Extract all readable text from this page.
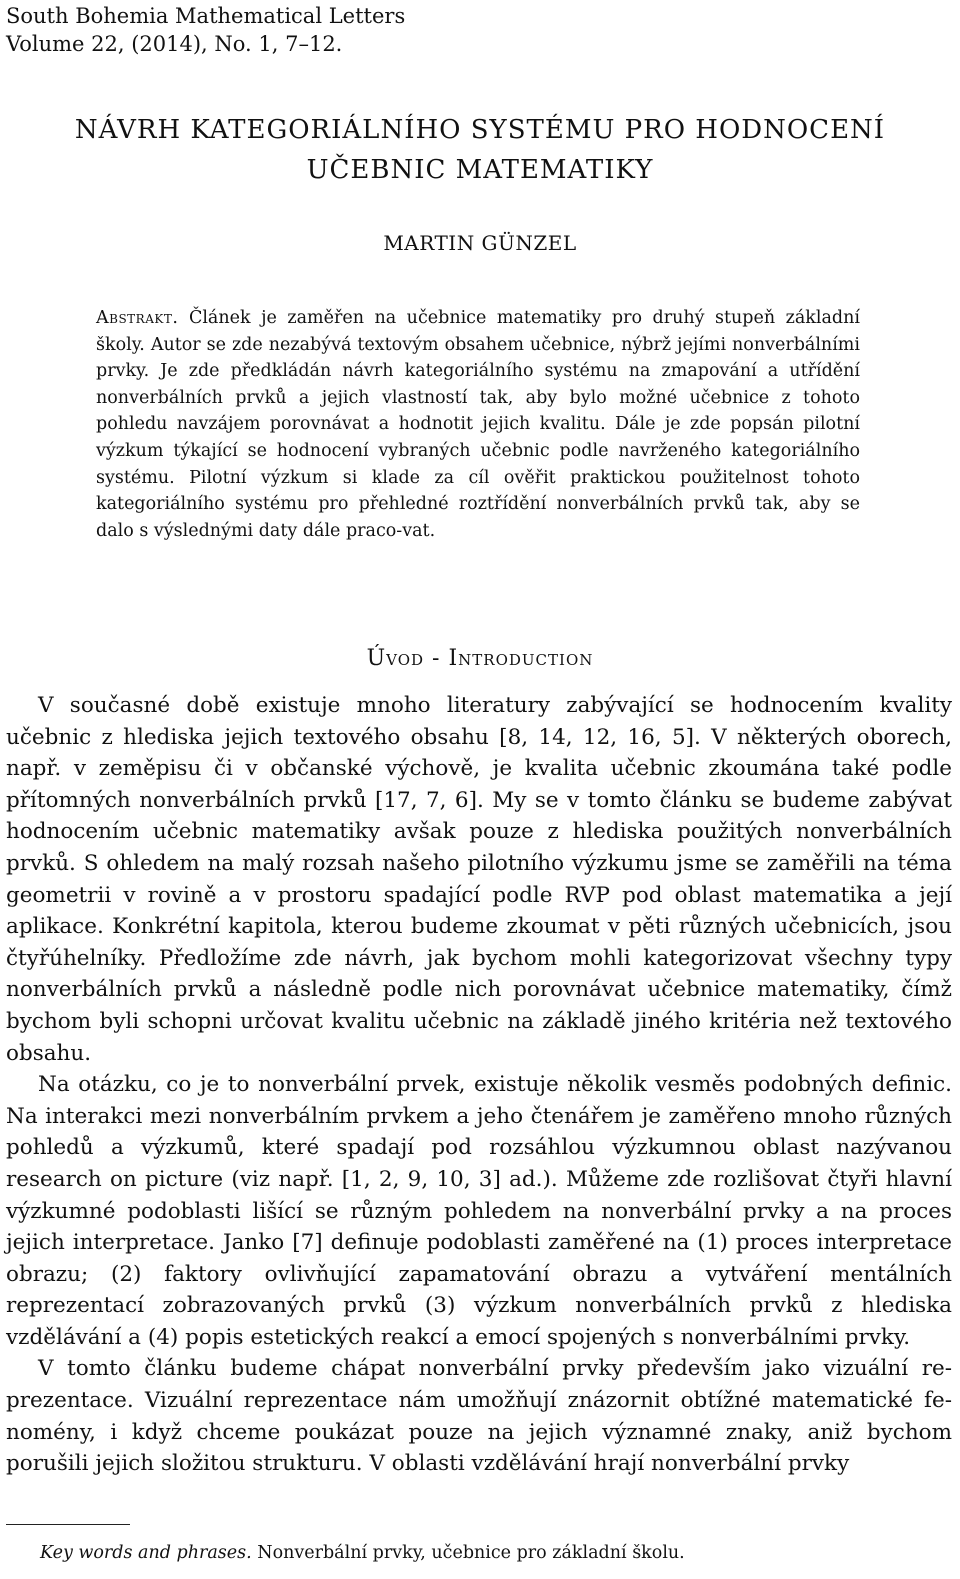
South Bohemia Mathematical Letters
Volume 22, (2014), No. 1, 7–12.
NÁVRH KATEGORIÁLNÍHO SYSTÉMU PRO HODNOCENÍ
UČEBNIC MATEMATIKY
MARTIN GÜNZEL
Abstrakt. Článek je zaměřen na učebnice matematiky pro druhý stupeň základní školy. Autor se zde nezabývá textovým obsahem učebnice, nýbrž jejími nonverbálními prvky. Je zde předkládán návrh kategoriálního systému na zmapování a utřídění nonverbálních prvků a jejich vlastností tak, aby bylo možné učebnice z tohoto pohledu navzájem porovnávat a hodnotit jejich kvalitu. Dále je zde popsán pilotní výzkum týkající se hodnocení vybraných učebnic podle navrženého kategoriálního systému. Pilotní výzkum si klade za cíl ověřit praktickou použitelnost tohoto kategoriálního systému pro přehledné roztřídění nonverbálních prvků tak, aby se dalo s výslednými daty dále praco-vat.
Úvod - Introduction

V současné době existuje mnoho literatury zabývající se hodnocením kvality učebnic z hlediska jejich textového obsahu [8, 14, 12, 16, 5]. V některých oborech, např. v zeměpisu či v občanské výchově, je kvalita učebnic zkoumána také podle přítomných nonverbálních prvků [17, 7, 6]. My se v tomto článku se budeme zabývat hodnocením učebnic matematiky avšak pouze z hlediska použitých nonverbálních prvků. S ohledem na malý rozsah našeho pilotního výzkumu jsme se zaměřili na téma geometrii v rovině a v prostoru spadající podle RVP pod oblast matematika a její aplikace. Konkrétní kapitola, kterou budeme zkoumat v pěti různých učebnicích, jsou čtyřúhelníky. Předložíme zde návrh, jak bychom mohli kategorizovat všechny typy nonverbálních prvků a následně podle nich porovnávat učebnice matematiky, čímž bychom byli schopni určovat kvalitu učebnic na základě jiného kritéria než textového obsahu.

Na otázku, co je to nonverbální prvek, existuje několik vesměs podobných definic. Na interakci mezi nonverbálním prvkem a jeho čtenářem je zaměřeno mnoho různých pohledů a výzkumů, které spadají pod rozsáhlou výzkumnou oblast nazývanou research on picture (viz např. [1, 2, 9, 10, 3] ad.). Můžeme zde rozlišovat čtyři hlavní výzkumné podoblasti lišící se různým pohledem na nonverbální prvky a na proces jejich interpretace. Janko [7] definuje podoblasti zaměřené na (1) proces interpretace obrazu; (2) faktory ovlivňující zapamatování obrazu a vytváření mentálních reprezentací zobrazovaných prvků (3) výzkum nonverbálních prvků z hlediska vzdělávání a (4) popis estetických reakcí a emocí spojených s nonverbálními prvky.

V tomto článku budeme chápat nonverbální prvky především jako vizuální reprezentace. Vizuální reprezentace nám umožňují znázornit obtížné matematické fenomény, i když chceme poukázat pouze na jejich významné znaky, aniž bychom porušili jejich složitou strukturu. V oblasti vzdělávání hrají nonverbální prvky

Key words and phrases. Nonverbální prvky, učebnice pro základní školu.
